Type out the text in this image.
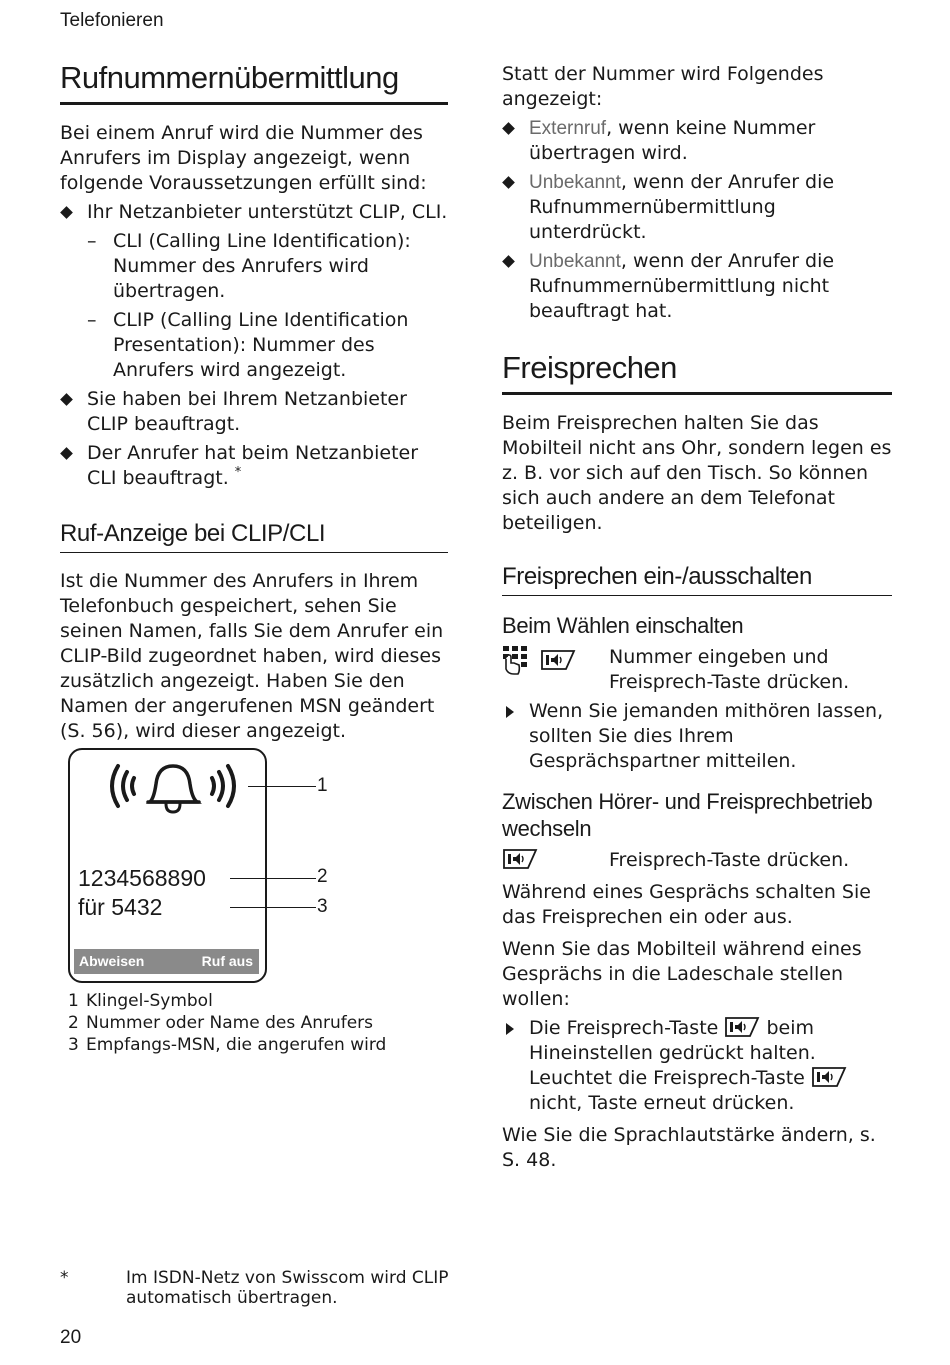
Telefonieren
Rufnummernübermittlung

Bei einem Anruf wird die Nummer des Anrufers im Display angezeigt, wenn folgende Voraussetzungen erfüllt sind:

Ihr Netzanbieter unterstützt CLIP, CLI.
– CLI (Calling Line Identification): Nummer des Anrufers wird übertragen.
– CLIP (Calling Line Identification Presentation): Nummer des Anrufers wird angezeigt.
Sie haben bei Ihrem Netzanbieter CLIP beauftragt.
Der Anrufer hat beim Netzanbieter CLI beauftragt. *
Ruf-Anzeige bei CLIP/CLI

Ist die Nummer des Anrufers in Ihrem Telefonbuch gespeichert, sehen Sie seinen Namen, falls Sie dem Anrufer ein CLIP-Bild zugeordnet haben, wird dieses zusätzlich angezeigt. Haben Sie den Namen der angerufenen MSN geändert (S. 56), wird dieser angezeigt.

1234568890
für 5432
Abweisen	Ruf aus
1
2
3
1 Klingel-Symbol
2 Nummer oder Name des Anrufers
3 Empfangs-MSN, die angerufen wird

Statt der Nummer wird Folgendes angezeigt:

Externruf, wenn keine Nummer übertragen wird.
Unbekannt, wenn der Anrufer die Rufnummernübermittlung unterdrückt.
Unbekannt, wenn der Anrufer die Rufnummernübermittlung nicht beauftragt hat.
Freisprechen

Beim Freisprechen halten Sie das Mobilteil nicht ans Ohr, sondern legen es z. B. vor sich auf den Tisch. So können sich auch andere an dem Telefonat beteiligen.

Freisprechen ein-/ausschalten
Beim Wählen einschalten
Nummer eingeben und Freisprech-Taste drücken.
Wenn Sie jemanden mithören lassen, sollten Sie dies Ihrem Gesprächspartner mitteilen.
Zwischen Hörer- und Freisprechbetrieb wechseln
Freisprech-Taste drücken.

Während eines Gesprächs schalten Sie das Freisprechen ein oder aus.

Wenn Sie das Mobilteil während eines Gesprächs in die Ladeschale stellen wollen:

Die Freisprech-Taste	beim Hineinstellen gedrückt halten. Leuchtet die Freisprech-Taste  nicht, Taste erneut drücken.

Wie Sie die Sprachlautstärke ändern, s. S. 48.

*	Im ISDN-Netz von Swisscom wird CLIP automatisch übertragen.
20
